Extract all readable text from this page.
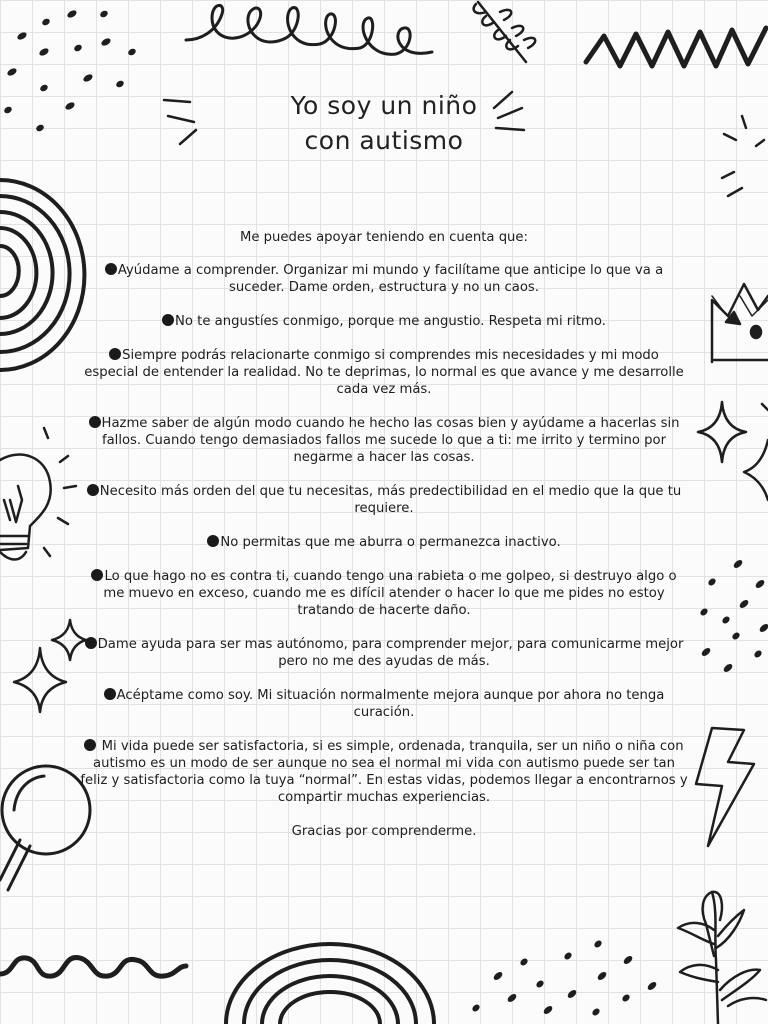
Yo soy un niño
con autismo

Me puedes apoyar teniendo en cuenta que:

Ayúdame a comprender. Organizar mi mundo y facilítame que anticipe lo que va a suceder. Dame orden, estructura y no un caos.

No te angustíes conmigo, porque me angustio. Respeta mi ritmo.

Siempre podrás relacionarte conmigo si comprendes mis necesidades y mi modo especial de entender la realidad. No te deprimas, lo normal es que avance y me desarrolle cada vez más.

Hazme saber de algún modo cuando he hecho las cosas bien y ayúdame a hacerlas sin fallos. Cuando tengo demasiados fallos me sucede lo que a ti: me irrito y termino por negarme a hacer las cosas.

Necesito más orden del que tu necesitas, más predectibilidad en el medio que la que tu requiere.

No permitas que me aburra o permanezca inactivo.

Lo que hago no es contra ti, cuando tengo una rabieta o me golpeo, si destruyo algo o me muevo en exceso, cuando me es difícil atender o hacer lo que me pides no estoy tratando de hacerte daño.

Dame ayuda para ser mas autónomo, para comprender mejor, para comunicarme mejor pero no me des ayudas de más.

Acéptame como soy. Mi situación normalmente mejora aunque por ahora no tenga curación.

Mi vida puede ser satisfactoria, si es simple, ordenada, tranquila, ser un niño o niña con autismo es un modo de ser aunque no sea el normal mi vida con autismo puede ser tan feliz y satisfactoria como la tuya “normal”. En estas vidas, podemos llegar a encontrarnos y compartir muchas experiencias.

Gracias por comprenderme.
